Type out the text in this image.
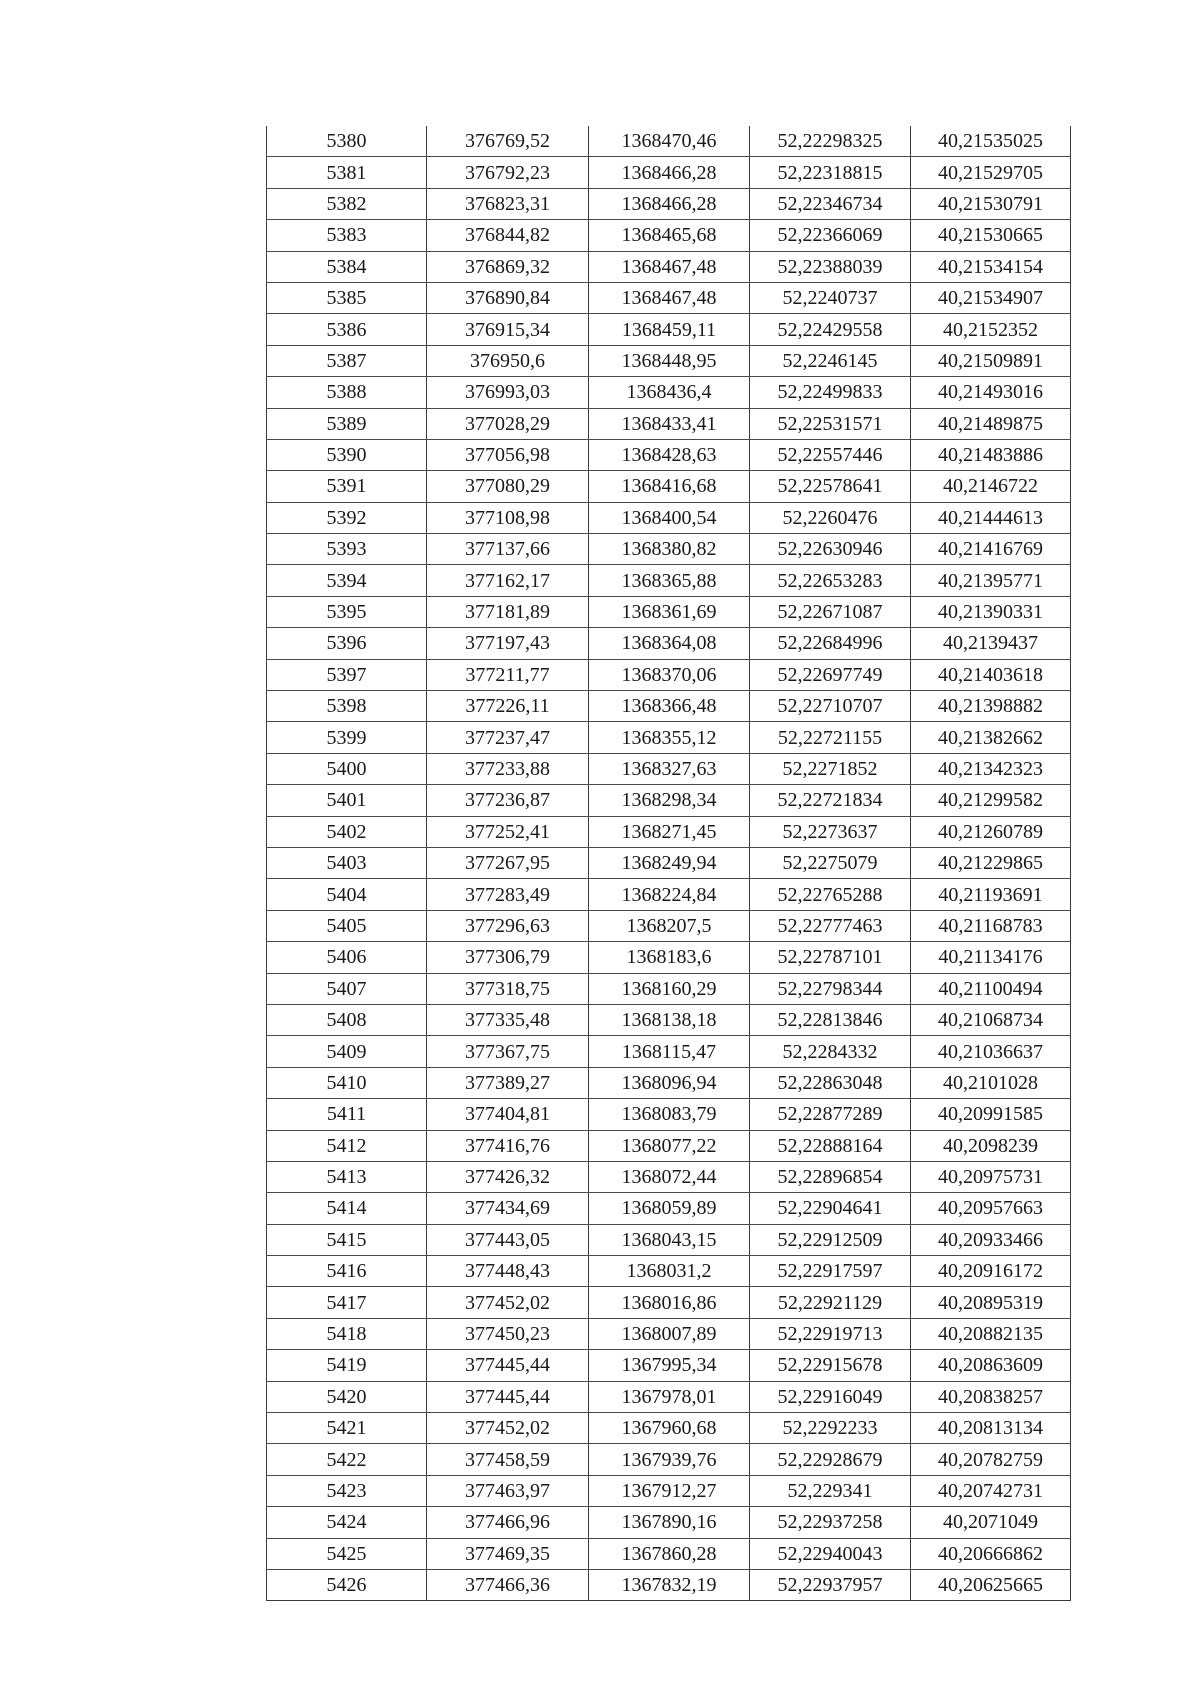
5380	376769,52	1368470,46	52,22298325	40,21535025
5381	376792,23	1368466,28	52,22318815	40,21529705
5382	376823,31	1368466,28	52,22346734	40,21530791
5383	376844,82	1368465,68	52,22366069	40,21530665
5384	376869,32	1368467,48	52,22388039	40,21534154
5385	376890,84	1368467,48	52,2240737	40,21534907
5386	376915,34	1368459,11	52,22429558	40,2152352
5387	376950,6	1368448,95	52,2246145	40,21509891
5388	376993,03	1368436,4	52,22499833	40,21493016
5389	377028,29	1368433,41	52,22531571	40,21489875
5390	377056,98	1368428,63	52,22557446	40,21483886
5391	377080,29	1368416,68	52,22578641	40,2146722
5392	377108,98	1368400,54	52,2260476	40,21444613
5393	377137,66	1368380,82	52,22630946	40,21416769
5394	377162,17	1368365,88	52,22653283	40,21395771
5395	377181,89	1368361,69	52,22671087	40,21390331
5396	377197,43	1368364,08	52,22684996	40,2139437
5397	377211,77	1368370,06	52,22697749	40,21403618
5398	377226,11	1368366,48	52,22710707	40,21398882
5399	377237,47	1368355,12	52,22721155	40,21382662
5400	377233,88	1368327,63	52,2271852	40,21342323
5401	377236,87	1368298,34	52,22721834	40,21299582
5402	377252,41	1368271,45	52,2273637	40,21260789
5403	377267,95	1368249,94	52,2275079	40,21229865
5404	377283,49	1368224,84	52,22765288	40,21193691
5405	377296,63	1368207,5	52,22777463	40,21168783
5406	377306,79	1368183,6	52,22787101	40,21134176
5407	377318,75	1368160,29	52,22798344	40,21100494
5408	377335,48	1368138,18	52,22813846	40,21068734
5409	377367,75	1368115,47	52,2284332	40,21036637
5410	377389,27	1368096,94	52,22863048	40,2101028
5411	377404,81	1368083,79	52,22877289	40,20991585
5412	377416,76	1368077,22	52,22888164	40,2098239
5413	377426,32	1368072,44	52,22896854	40,20975731
5414	377434,69	1368059,89	52,22904641	40,20957663
5415	377443,05	1368043,15	52,22912509	40,20933466
5416	377448,43	1368031,2	52,22917597	40,20916172
5417	377452,02	1368016,86	52,22921129	40,20895319
5418	377450,23	1368007,89	52,22919713	40,20882135
5419	377445,44	1367995,34	52,22915678	40,20863609
5420	377445,44	1367978,01	52,22916049	40,20838257
5421	377452,02	1367960,68	52,2292233	40,20813134
5422	377458,59	1367939,76	52,22928679	40,20782759
5423	377463,97	1367912,27	52,229341	40,20742731
5424	377466,96	1367890,16	52,22937258	40,2071049
5425	377469,35	1367860,28	52,22940043	40,20666862
5426	377466,36	1367832,19	52,22937957	40,20625665
